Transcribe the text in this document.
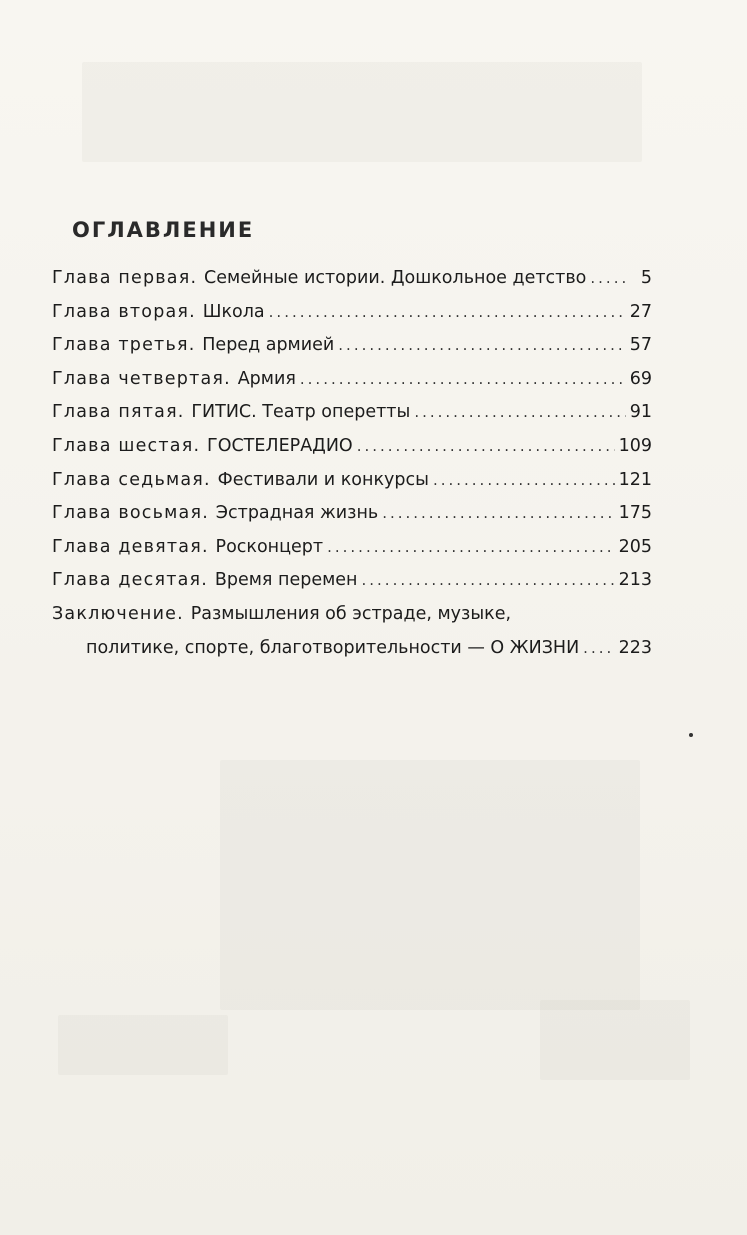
ОГЛАВЛЕНИЕ
Глава первая. Семейные истории. Дошкольное детство .....	5
Глава вторая. Школа .....	27
Глава третья. Перед армией .....	57
Глава четвертая. Армия .....	69
Глава пятая. ГИТИС. Театр оперетты .....	91
Глава шестая. ГОСТЕЛЕРАДИО .....	109
Глава седьмая. Фестивали и конкурсы .....	121
Глава восьмая. Эстрадная жизнь .....	175
Глава девятая. Росконцерт .....	205
Глава десятая. Время перемен .....	213
Заключение . Размышления об эстраде, музыке,
политике, спорте, благотворительности — О ЖИЗНИ ..... 223
